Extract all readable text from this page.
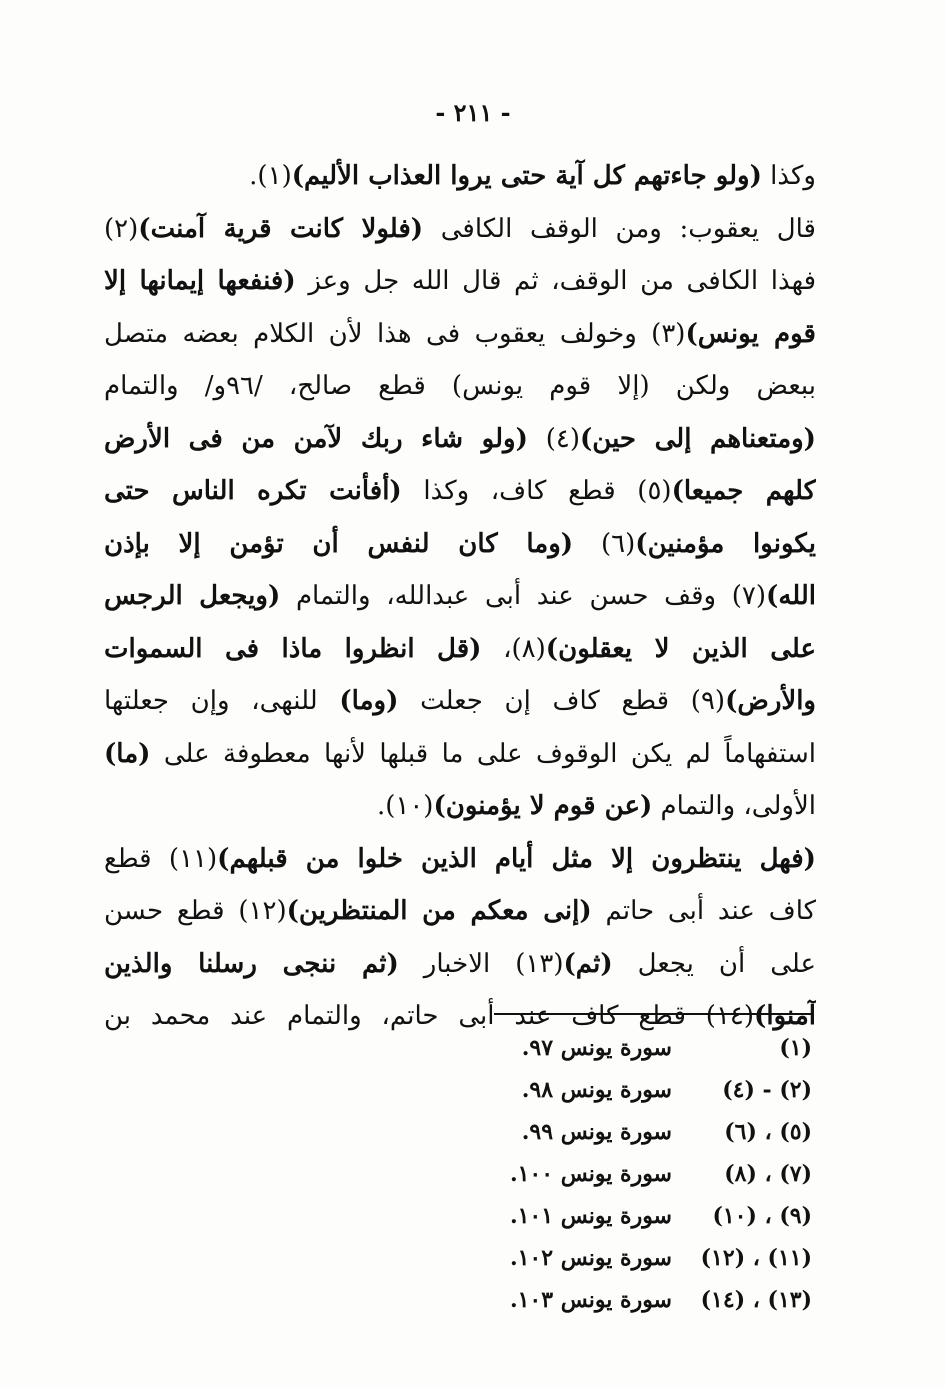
- ٢١١ -
وكذا (ولو جاءتهم كل آية حتى يروا العذاب الأليم)(١).
قال يعقوب: ومن الوقف الكافى (فلولا كانت قرية آمنت)(٢)
فهذا الكافى من الوقف، ثم قال الله جل وعز (فنفعها إيمانها إلا
قوم يونس)(٣) وخولف يعقوب فى هذا لأن الكلام بعضه متصل
ببعض ولكن (إلا قوم يونس) قطع صالح، /٩٦و/ والتمام
(ومتعناهم إلى حين)(٤) (ولو شاء ربك لآمن من فى الأرض
كلهم جميعا)(٥) قطع كاف، وكذا (أفأنت تكره الناس حتى
يكونوا مؤمنين)(٦) (وما كان لنفس أن تؤمن إلا بإذن
الله)(٧) وقف حسن عند أبى عبدالله، والتمام (ويجعل الرجس
على الذين لا يعقلون)(٨)، (قل انظروا ماذا فى السموات
والأرض)(٩) قطع كاف إن جعلت (وما) للنهى، وإن جعلتها
استفهاماً لم يكن الوقوف على ما قبلها لأنها معطوفة على (ما)
الأولى، والتمام (عن قوم لا يؤمنون)(١٠).
(فهل ينتظرون إلا مثل أيام الذين خلوا من قبلهم)(١١) قطع
كاف عند أبى حاتم (إنى معكم من المنتظرين)(١٢) قطع حسن
على أن يجعل (ثم)(١٣) الاخبار (ثم ننجى رسلنا والذين
آمنوا)(١٤) قطع كاف عند أبى حاتم، والتمام عند محمد بن
(١)
سورة يونس ٩٧.
(٢) - (٤)
سورة يونس ٩٨.
(٥) ، (٦)
سورة يونس ٩٩.
(٧) ، (٨)
سورة يونس ١٠٠.
(٩) ، (١٠)
سورة يونس ١٠١.
(١١) ، (١٢)
سورة يونس ١٠٢.
(١٣) ، (١٤)
سورة يونس ١٠٣.
